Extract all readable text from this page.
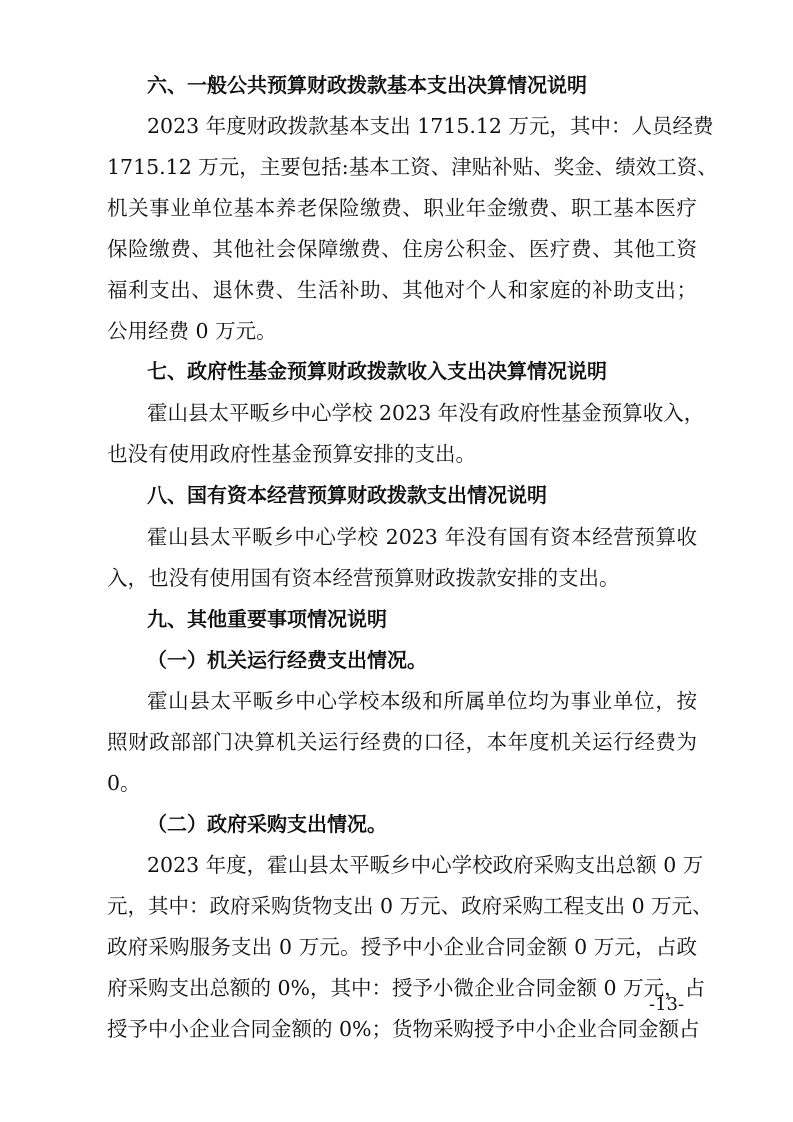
六、一般公共预算财政拨款基本支出决算情况说明
2023 年度财政拨款基本支出 1715.12 万元，其中：人员经费
1715.12 万元，主要包括:基本工资、津贴补贴、奖金、绩效工资、
机关事业单位基本养老保险缴费、职业年金缴费、职工基本医疗
保险缴费、其他社会保障缴费、住房公积金、医疗费、其他工资
福利支出、退休费、生活补助、其他对个人和家庭的补助支出；
公用经费 0 万元。
七、政府性基金预算财政拨款收入支出决算情况说明
霍山县太平畈乡中心学校 2023 年没有政府性基金预算收入，
也没有使用政府性基金预算安排的支出。
八、国有资本经营预算财政拨款支出情况说明
霍山县太平畈乡中心学校 2023 年没有国有资本经营预算收
入，也没有使用国有资本经营预算财政拨款安排的支出。
九、其他重要事项情况说明
（一）机关运行经费支出情况。
霍山县太平畈乡中心学校本级和所属单位均为事业单位，按
照财政部部门决算机关运行经费的口径，本年度机关运行经费为
0。
（二）政府采购支出情况。
2023 年度，霍山县太平畈乡中心学校政府采购支出总额 0 万
元，其中：政府采购货物支出 0 万元、政府采购工程支出 0 万元、
政府采购服务支出 0 万元。授予中小企业合同金额 0 万元，占政
府采购支出总额的 0%，其中：授予小微企业合同金额 0 万元，占
授予中小企业合同金额的 0%；货物采购授予中小企业合同金额占
-13-
